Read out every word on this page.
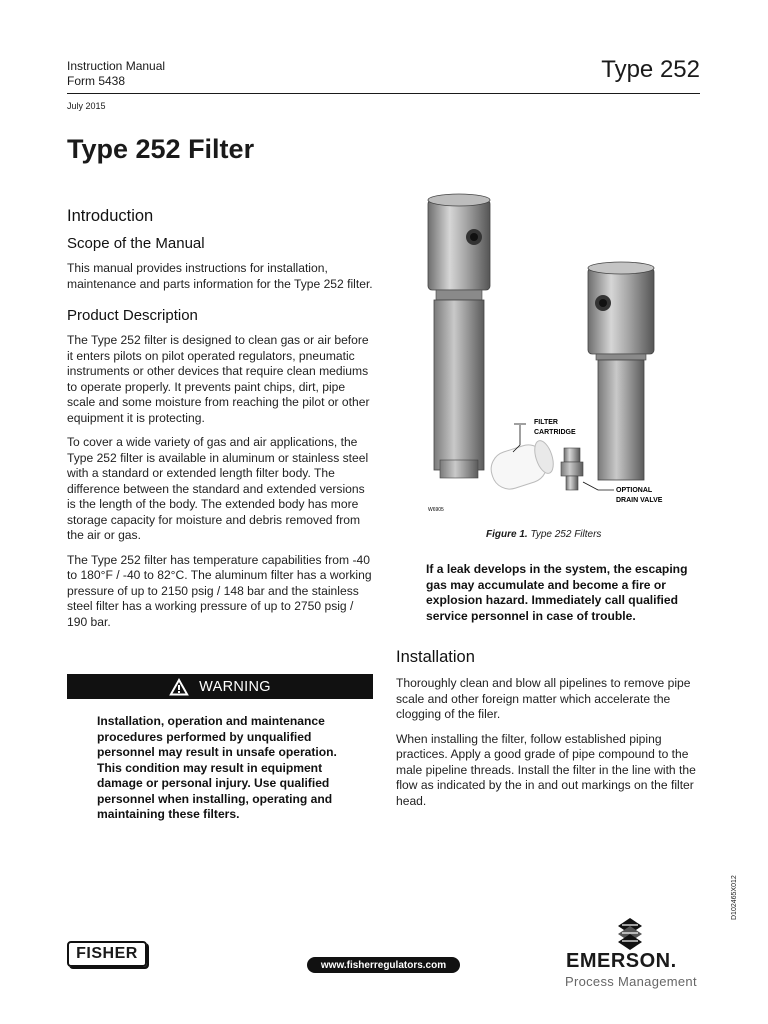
Instruction Manual
Form 5438	Type 252
July 2015
Type 252 Filter
Introduction
Scope of the Manual

This manual provides instructions for installation, maintenance and parts information for the Type 252 filter.

Product Description

The Type 252 filter is designed to clean gas or air before it enters pilots on pilot operated regulators, pneumatic instruments or other devices that require clean mediums to operate properly. It prevents paint chips, dirt, pipe scale and some moisture from reaching the pilot or other equipment it is protecting.

To cover a wide variety of gas and air applications, the Type 252 filter is available in aluminum or stainless steel with a standard or extended length filter body. The difference between the standard and extended versions is the length of the body. The extended body has more storage capacity for moisture and debris removed from the air or gas.

The Type 252 filter has temperature capabilities from -40 to 180°F / -40 to 82°C. The aluminum filter has a working pressure of up to 2150 psig / 148 bar and the stainless steel filter has a working pressure of up to 2750 psig / 190 bar.

WARNING
Installation, operation and maintenance procedures performed by unqualified personnel may result in unsafe operation. This condition may result in equipment damage or personal injury. Use qualified personnel when installing, operating and maintaining these filters.
FILTER
CARTRIDGE
OPTIONAL
DRAIN VALVE
W6905
Figure 1. Type 252 Filters
If a leak develops in the system, the escaping gas may accumulate and become a fire or explosion hazard. Immediately call qualified service personnel in case of trouble.
Installation

Thoroughly clean and blow all pipelines to remove pipe scale and other foreign matter which accelerate the clogging of the filer.

When installing the filter, follow established piping practices. Apply a good grade of pipe compound to the male pipeline threads. Install the filter in the line with the flow as indicated by the in and out markings on the filter head.

D102465X012
FISHER
www.fisherregulators.com	EMERSON.
Process Management
